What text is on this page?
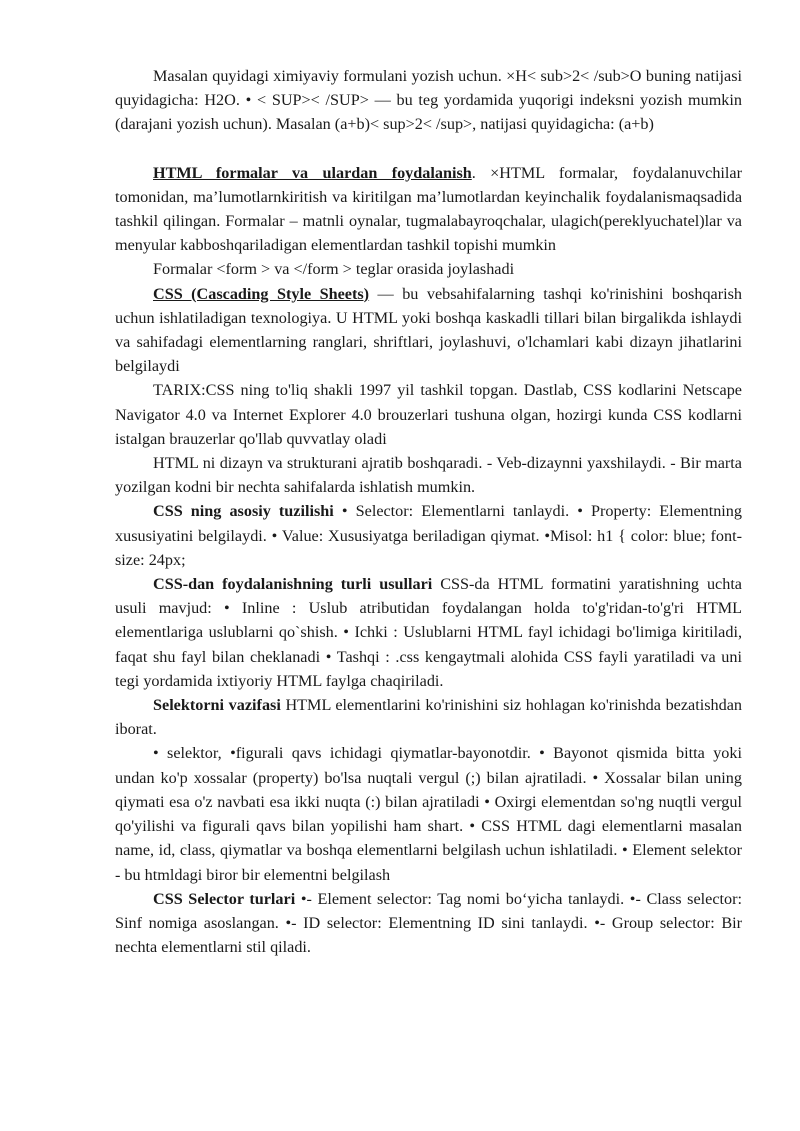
Masalan quyidagi ximiyaviy formulani yozish uchun. ×H< sub>2< /sub>O buning natijasi quyidagicha: H2O. • < SUP>< /SUP> — bu teg yordamida yuqorigi indeksni yozish mumkin (darajani yozish uchun). Masalan (a+b)< sup>2< /sup>, natijasi quyidagicha: (a+b)

HTML formalar va ulardan foydalanish. ×HTML formalar, foydalanuvchilar tomonidan, ma’lumotlarnkiritish va kiritilgan ma’lumotlardan keyinchalik foydalanismaqsadida tashkil qilingan. Formalar – matnli oynalar, tugmalabayroqchalar, ulagich(pereklyuchatel)lar va menyular kabboshqariladigan elementlardan tashkil topishi mumkin

Formalar <form > va </form > teglar orasida joylashadi

CSS (Cascading Style Sheets) — bu vebsahifalarning tashqi ko'rinishini boshqarish uchun ishlatiladigan texnologiya. U HTML yoki boshqa kaskadli tillari bilan birgalikda ishlaydi va sahifadagi elementlarning ranglari, shriftlari, joylashuvi, o'lchamlari kabi dizayn jihatlarini belgilaydi

TARIX:CSS ning to'liq shakli 1997 yil tashkil topgan. Dastlab, CSS kodlarini Netscape Navigator 4.0 va Internet Explorer 4.0 brouzerlari tushuna olgan, hozirgi kunda CSS kodlarni istalgan brauzerlar qo'llab quvvatlay oladi

HTML ni dizayn va strukturani ajratib boshqaradi. - Veb-dizaynni yaxshilaydi. - Bir marta yozilgan kodni bir nechta sahifalarda ishlatish mumkin.

CSS ning asosiy tuzilishi • Selector: Elementlarni tanlaydi. • Property: Elementning xususiyatini belgilaydi. • Value: Xususiyatga beriladigan qiymat. •Misol: h1 { color: blue; font-size: 24px;

CSS-dan foydalanishning turli usullari CSS-da HTML formatini yaratishning uchta usuli mavjud: • Inline : Uslub atributidan foydalangan holda to'g'ridan-to'g'ri HTML elementlariga uslublarni qo`shish. • Ichki : Uslublarni HTML fayl ichidagi bo'limiga kiritiladi, faqat shu fayl bilan cheklanadi • Tashqi : .css kengaytmali alohida CSS fayli yaratiladi va uni tegi yordamida ixtiyoriy HTML faylga chaqiriladi.

Selektorni vazifasi HTML elementlarini ko'rinishini siz hohlagan ko'rinishda bezatishdan iborat.

• selektor, •figurali qavs ichidagi qiymatlar-bayonotdir. • Bayonot qismida bitta yoki undan ko'p xossalar (property) bo'lsa nuqtali vergul (;) bilan ajratiladi. • Xossalar bilan uning qiymati esa o'z navbati esa ikki nuqta (:) bilan ajratiladi • Oxirgi elementdan so'ng nuqtli vergul qo'yilishi va figurali qavs bilan yopilishi ham shart. • CSS HTML dagi elementlarni masalan name, id, class, qiymatlar va boshqa elementlarni belgilash uchun ishlatiladi. • Element selektor - bu htmldagi biror bir elementni belgilash

CSS Selector turlari •- Element selector: Tag nomi bo‘yicha tanlaydi. •- Class selector: Sinf nomiga asoslangan. •- ID selector: Elementning ID sini tanlaydi. •- Group selector: Bir nechta elementlarni stil qiladi.
